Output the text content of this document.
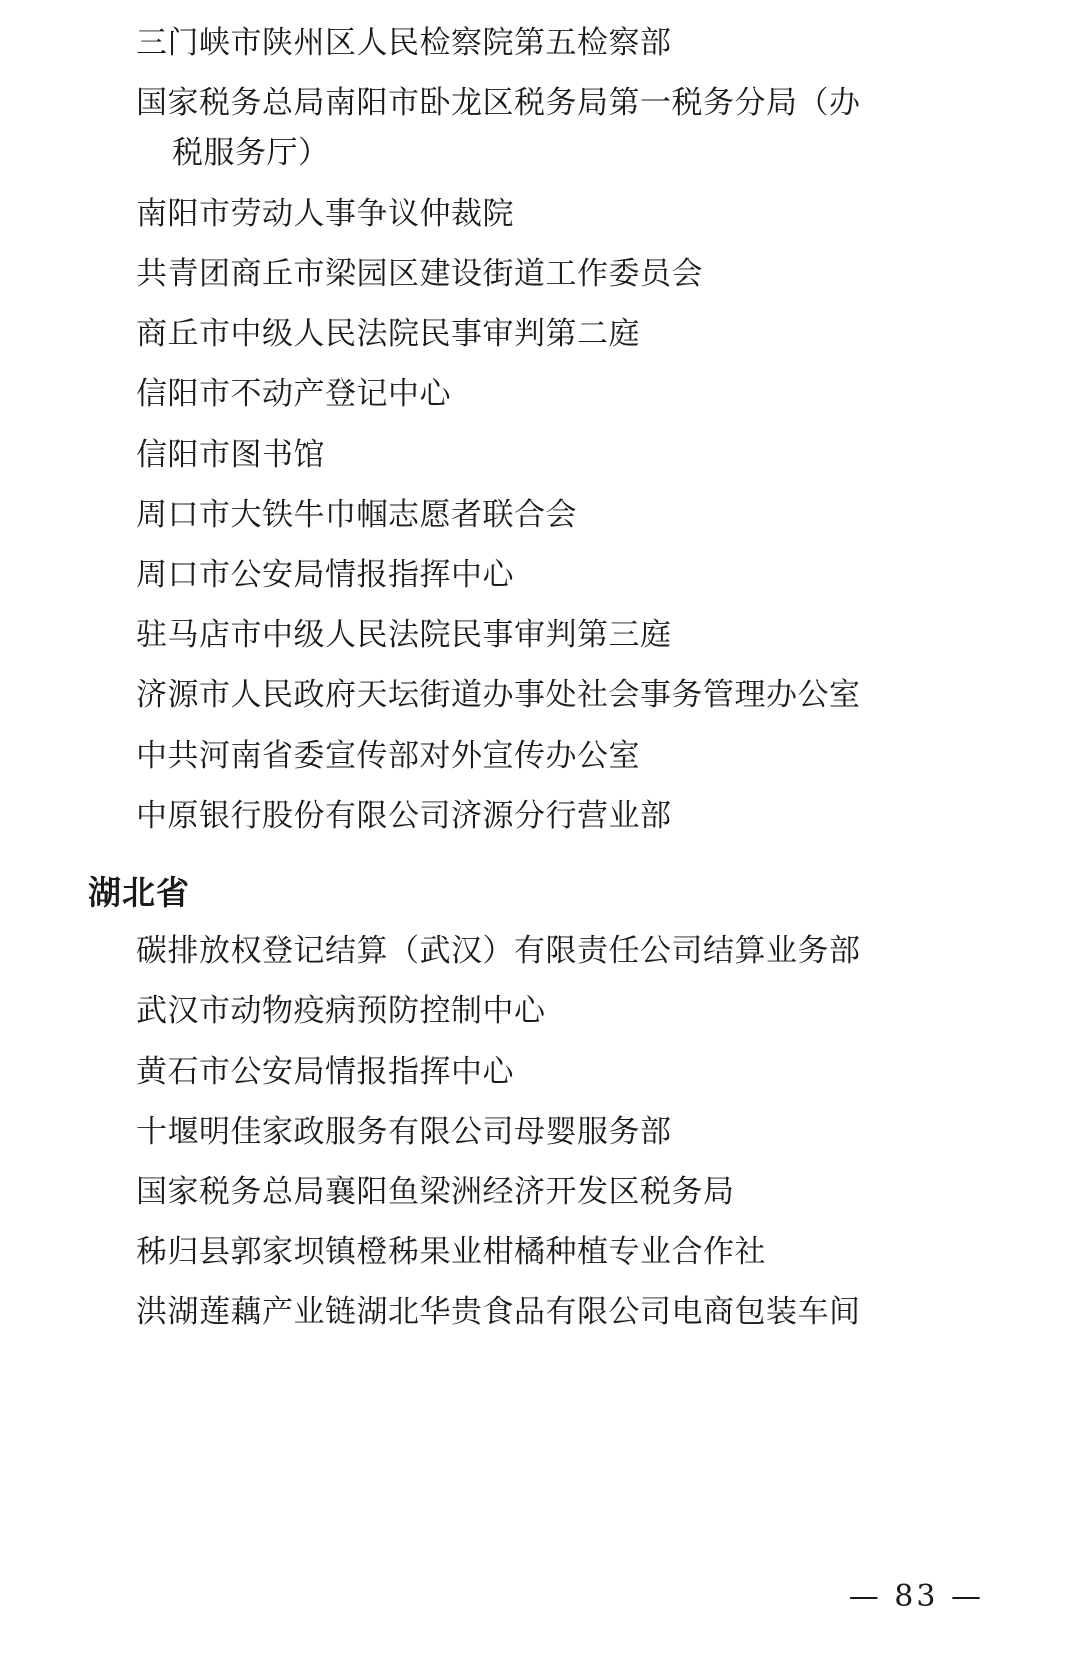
三门峡市陕州区人民检察院第五检察部
国家税务总局南阳市卧龙区税务局第一税务分局（办
税服务厅）
南阳市劳动人事争议仲裁院
共青团商丘市梁园区建设街道工作委员会
商丘市中级人民法院民事审判第二庭
信阳市不动产登记中心
信阳市图书馆
周口市大铁牛巾帼志愿者联合会
周口市公安局情报指挥中心
驻马店市中级人民法院民事审判第三庭
济源市人民政府天坛街道办事处社会事务管理办公室
中共河南省委宣传部对外宣传办公室
中原银行股份有限公司济源分行营业部
湖北省
碳排放权登记结算（武汉）有限责任公司结算业务部
武汉市动物疫病预防控制中心
黄石市公安局情报指挥中心
十堰明佳家政服务有限公司母婴服务部
国家税务总局襄阳鱼梁洲经济开发区税务局
秭归县郭家坝镇橙秭果业柑橘种植专业合作社
洪湖莲藕产业链湖北华贵食品有限公司电商包装车间
— 83 —
